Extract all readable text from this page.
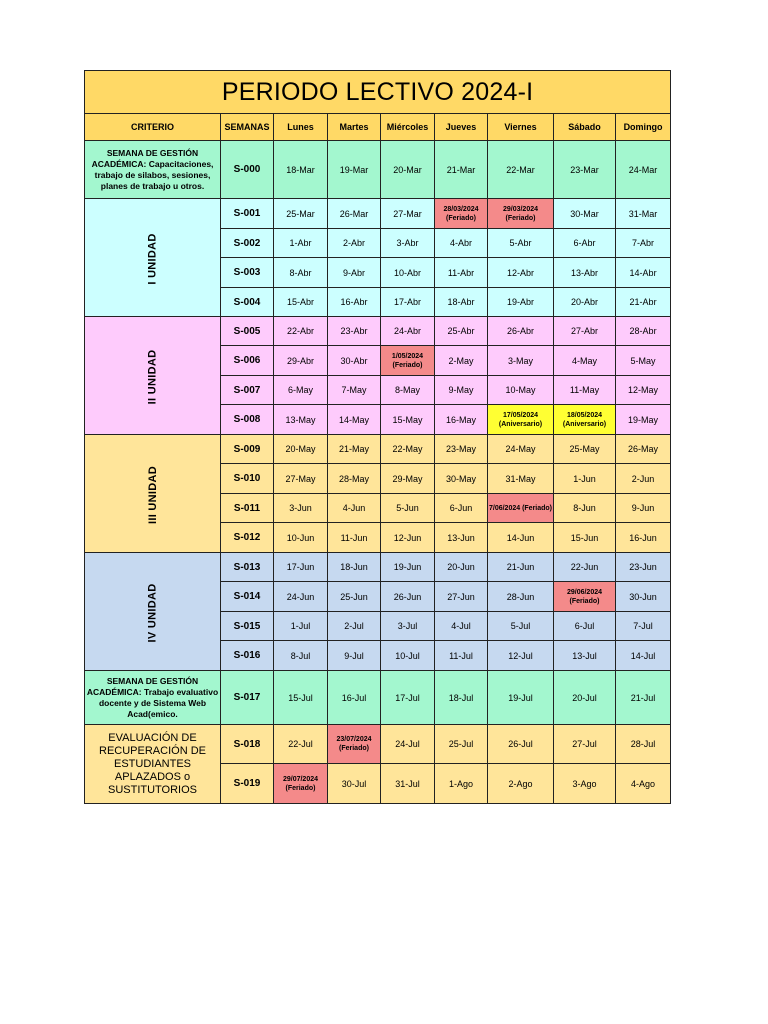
PERIODO LECTIVO 2024-I								
CRITERIO	SEMANAS	Lunes	Martes	Miércoles	Jueves	Viernes	Sábado	Domingo
SEMANA DE GESTIÓN ACADÉMICA: Capacitaciones, trabajo de silabos, sesiones, planes de trabajo u otros.	S-000	18-Mar	19-Mar	20-Mar	21-Mar	22-Mar	23-Mar	24-Mar
I UNIDAD	S-001	25-Mar	26-Mar	27-Mar	28/03/2024 (Feriado)	29/03/2024 (Feriado)	30-Mar	31-Mar
	S-002	1-Abr	2-Abr	3-Abr	4-Abr	5-Abr	6-Abr	7-Abr
	S-003	8-Abr	9-Abr	10-Abr	11-Abr	12-Abr	13-Abr	14-Abr
	S-004	15-Abr	16-Abr	17-Abr	18-Abr	19-Abr	20-Abr	21-Abr
II UNIDAD	S-005	22-Abr	23-Abr	24-Abr	25-Abr	26-Abr	27-Abr	28-Abr
	S-006	29-Abr	30-Abr	1/05/2024 (Feriado)	2-May	3-May	4-May	5-May
	S-007	6-May	7-May	8-May	9-May	10-May	11-May	12-May
	S-008	13-May	14-May	15-May	16-May	17/05/2024 (Aniversario)	18/05/2024 (Aniversario)	19-May
III UNIDAD	S-009	20-May	21-May	22-May	23-May	24-May	25-May	26-May
	S-010	27-May	28-May	29-May	30-May	31-May	1-Jun	2-Jun
	S-011	3-Jun	4-Jun	5-Jun	6-Jun	7/06/2024 (Feriado)	8-Jun	9-Jun
	S-012	10-Jun	11-Jun	12-Jun	13-Jun	14-Jun	15-Jun	16-Jun
IV UNIDAD	S-013	17-Jun	18-Jun	19-Jun	20-Jun	21-Jun	22-Jun	23-Jun
	S-014	24-Jun	25-Jun	26-Jun	27-Jun	28-Jun	29/06/2024 (Feriado)	30-Jun
	S-015	1-Jul	2-Jul	3-Jul	4-Jul	5-Jul	6-Jul	7-Jul
	S-016	8-Jul	9-Jul	10-Jul	11-Jul	12-Jul	13-Jul	14-Jul
SEMANA DE GESTIÓN ACADÉMICA: Trabajo evaluativo docente y de Sistema Web Acad(emico.	S-017	15-Jul	16-Jul	17-Jul	18-Jul	19-Jul	20-Jul	21-Jul
EVALUACIÓN DE RECUPERACIÓN DE ESTUDIANTES APLAZADOS o SUSTITUTORIOS	S-018	22-Jul	23/07/2024 (Feriado)	24-Jul	25-Jul	26-Jul	27-Jul	28-Jul
	S-019	29/07/2024 (Feriado)	30-Jul	31-Jul	1-Ago	2-Ago	3-Ago	4-Ago
